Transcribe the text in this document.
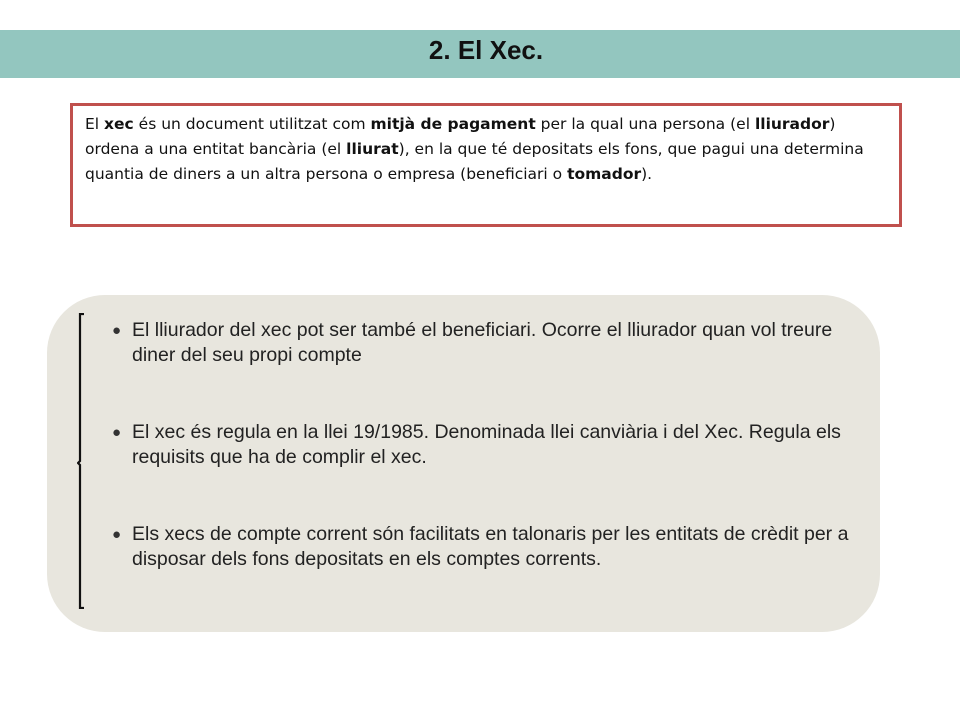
2. El Xec.
El xec és un document utilitzat com mitjà de pagament per la qual una persona (el lliurador) ordena a una entitat bancària (el lliurat), en la que té depositats els fons, que pagui una determina quantia de diners a un altra persona o empresa (beneficiari o tomador).
● El lliurador del xec pot ser també el beneficiari. Ocorre el lliurador quan vol treure diner del seu propi compte
● El xec és regula en la llei 19/1985. Denominada llei canviària i del Xec. Regula els requisits que ha de complir el xec.
● Els xecs de compte corrent són facilitats en talonaris per les entitats de crèdit per a disposar dels fons depositats en els comptes corrents.
